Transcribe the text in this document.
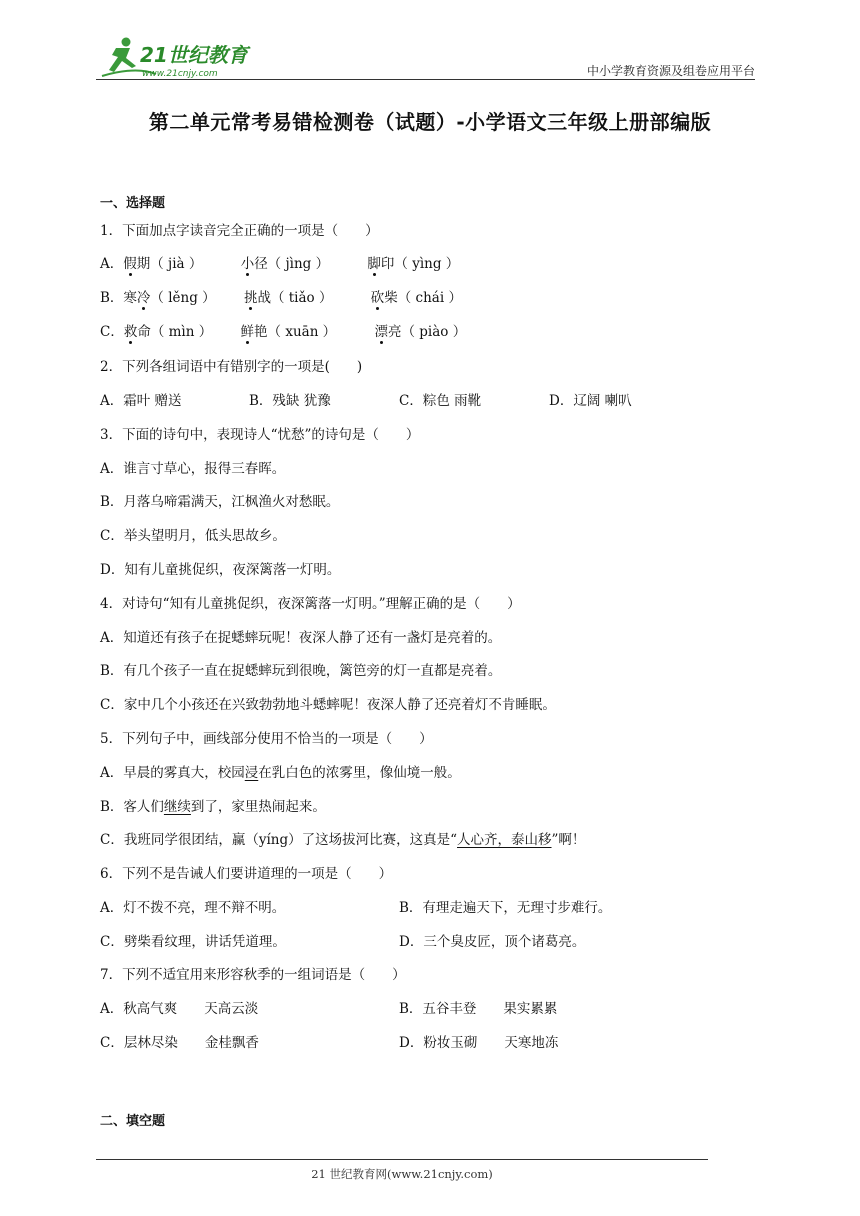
21世纪教育
www.21cnjy.com	中小学教育资源及组卷应用平台
第二单元常考易错检测卷（试题）-小学语文三年级上册部编版
一、选择题
1．下面加点字读音完全正确的一项是（　　）
A．假期（ jià ）	小径（ jìng ）	脚印（ yìng ）
B．寒冷（ lěng ） 挑战（ tiǎo ）	砍柴（ chái ）
C．救命（ mìn ） 鲜艳（ xuān ）	漂亮（ piào ）
2．下列各组词语中有错别字的一项是(　　)
A．霜叶 赠送	B．残缺 犹豫	C．粽色 雨靴	D．辽阔 喇叭
3．下面的诗句中，表现诗人“忧愁”的诗句是（　　）
A．谁言寸草心，报得三春晖。
B．月落乌啼霜满天，江枫渔火对愁眠。
C．举头望明月，低头思故乡。
D．知有儿童挑促织，夜深篱落一灯明。
4．对诗句“知有儿童挑促织，夜深篱落一灯明。”理解正确的是（　　）
A．知道还有孩子在捉蟋蟀玩呢！夜深人静了还有一盏灯是亮着的。
B．有几个孩子一直在捉蟋蟀玩到很晚，篱笆旁的灯一直都是亮着。
C．家中几个小孩还在兴致勃勃地斗蟋蟀呢！夜深人静了还亮着灯不肯睡眠。
5．下列句子中，画线部分使用不恰当的一项是（　　）
A．早晨的雾真大，校园浸在乳白色的浓雾里，像仙境一般。
B．客人们继续到了，家里热闹起来。
C．我班同学很团结，赢（yíng）了这场拔河比赛，这真是“人心齐，泰山移”啊！
6．下列不是告诫人们要讲道理的一项是（　　）
A．灯不拨不亮，理不辩不明。	B．有理走遍天下，无理寸步难行。
C．劈柴看纹理，讲话凭道理。	D．三个臭皮匠，顶个诸葛亮。
7．下列不适宜用来形容秋季的一组词语是（　　）
A．秋高气爽　　天高云淡	B．五谷丰登　　果实累累
C．层林尽染　　金桂飘香	D．粉妆玉砌　　天寒地冻
二、填空题
21 世纪教育网(www.21cnjy.com)
